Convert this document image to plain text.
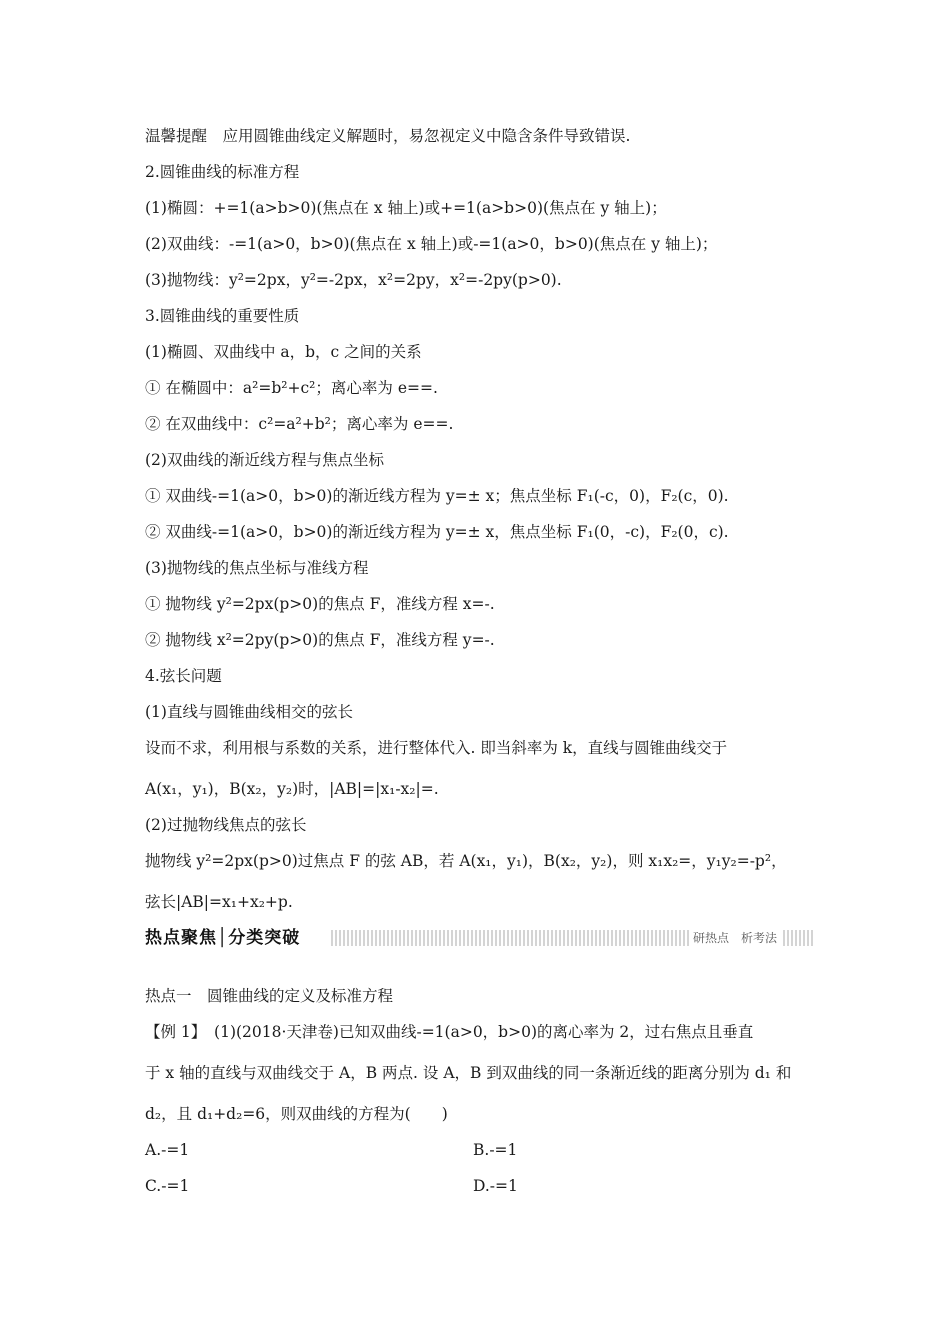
温馨提醒　应用圆锥曲线定义解题时，易忽视定义中隐含条件导致错误.
2.圆锥曲线的标准方程
(1)椭圆：+=1(a>b>0)(焦点在 x 轴上)或+=1(a>b>0)(焦点在 y 轴上)；
(2)双曲线：-=1(a>0，b>0)(焦点在 x 轴上)或-=1(a>0，b>0)(焦点在 y 轴上)；
(3)抛物线：y²=2px，y²=-2px，x²=2py，x²=-2py(p>0).
3.圆锥曲线的重要性质
(1)椭圆、双曲线中 a，b，c 之间的关系
① 在椭圆中：a²=b²+c²；离心率为 e==.
② 在双曲线中：c²=a²+b²；离心率为 e==.
(2)双曲线的渐近线方程与焦点坐标
① 双曲线-=1(a>0，b>0)的渐近线方程为 y=± x；焦点坐标 F₁(-c，0)，F₂(c，0).
② 双曲线-=1(a>0，b>0)的渐近线方程为 y=± x，焦点坐标 F₁(0，-c)，F₂(0，c).
(3)抛物线的焦点坐标与准线方程
① 抛物线 y²=2px(p>0)的焦点 F，准线方程 x=-.
② 抛物线 x²=2py(p>0)的焦点 F，准线方程 y=-.
4.弦长问题
(1)直线与圆锥曲线相交的弦长
设而不求，利用根与系数的关系，进行整体代入. 即当斜率为 k，直线与圆锥曲线交于
A(x₁，y₁)，B(x₂，y₂)时，|AB|=|x₁-x₂|=.
(2)过抛物线焦点的弦长
抛物线 y²=2px(p>0)过焦点 F 的弦 AB，若 A(x₁，y₁)，B(x₂，y₂)，则 x₁x₂=，y₁y₂=-p²，
弦长|AB|=x₁+x₂+p.
热点聚焦│分类突破	研热点　析考法
热点一　圆锥曲线的定义及标准方程
【例 1】　(1)(2018·天津卷)已知双曲线-=1(a>0，b>0)的离心率为 2，过右焦点且垂直
于 x 轴的直线与双曲线交于 A，B 两点. 设 A，B 到双曲线的同一条渐近线的距离分别为 d₁ 和
d₂，且 d₁+d₂=6，则双曲线的方程为(　　)
A.-=1	B.-=1
C.-=1	D.-=1
